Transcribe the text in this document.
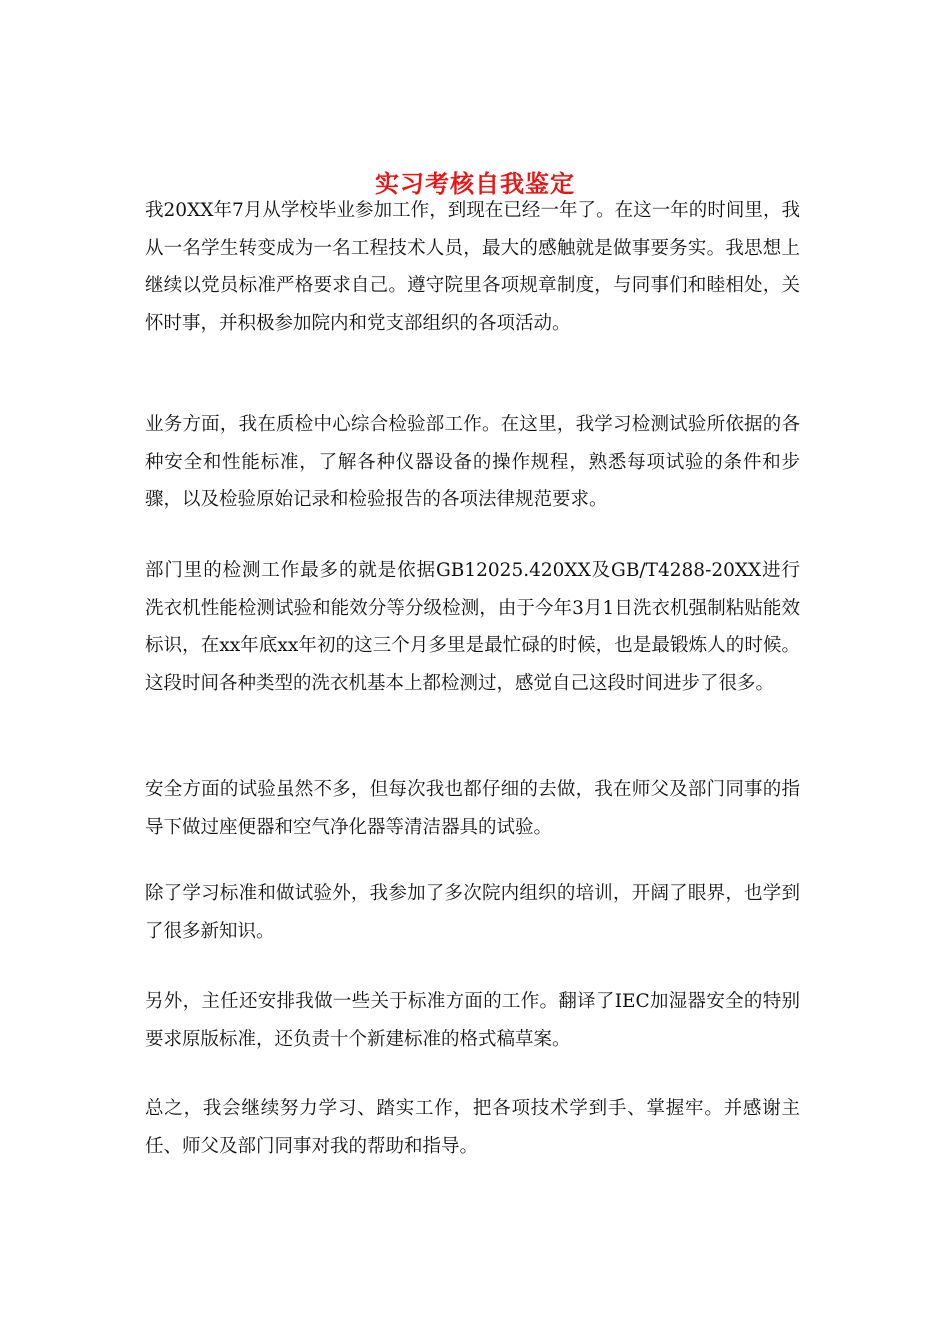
实习考核自我鉴定

我20XX年7月从学校毕业参加工作，到现在已经一年了。在这一年的时间里，我从一名学生转变成为一名工程技术人员，最大的感触就是做事要务实。我思想上继续以党员标准严格要求自己。遵守院里各项规章制度，与同事们和睦相处，关怀时事，并积极参加院内和党支部组织的各项活动。

业务方面，我在质检中心综合检验部工作。在这里，我学习检测试验所依据的各种安全和性能标准，了解各种仪器设备的操作规程，熟悉每项试验的条件和步骤，以及检验原始记录和检验报告的各项法律规范要求。

部门里的检测工作最多的就是依据GB12025.420XX及GB/T4288-20XX进行洗衣机性能检测试验和能效分等分级检测，由于今年3月1日洗衣机强制粘贴能效标识，在xx年底xx年初的这三个月多里是最忙碌的时候，也是最锻炼人的时候。这段时间各种类型的洗衣机基本上都检测过，感觉自己这段时间进步了很多。

安全方面的试验虽然不多，但每次我也都仔细的去做，我在师父及部门同事的指导下做过座便器和空气净化器等清洁器具的试验。

除了学习标准和做试验外，我参加了多次院内组织的培训，开阔了眼界，也学到了很多新知识。

另外，主任还安排我做一些关于标准方面的工作。翻译了IEC加湿器安全的特别要求原版标准，还负责十个新建标准的格式稿草案。

总之，我会继续努力学习、踏实工作，把各项技术学到手、掌握牢。并感谢主任、师父及部门同事对我的帮助和指导。
